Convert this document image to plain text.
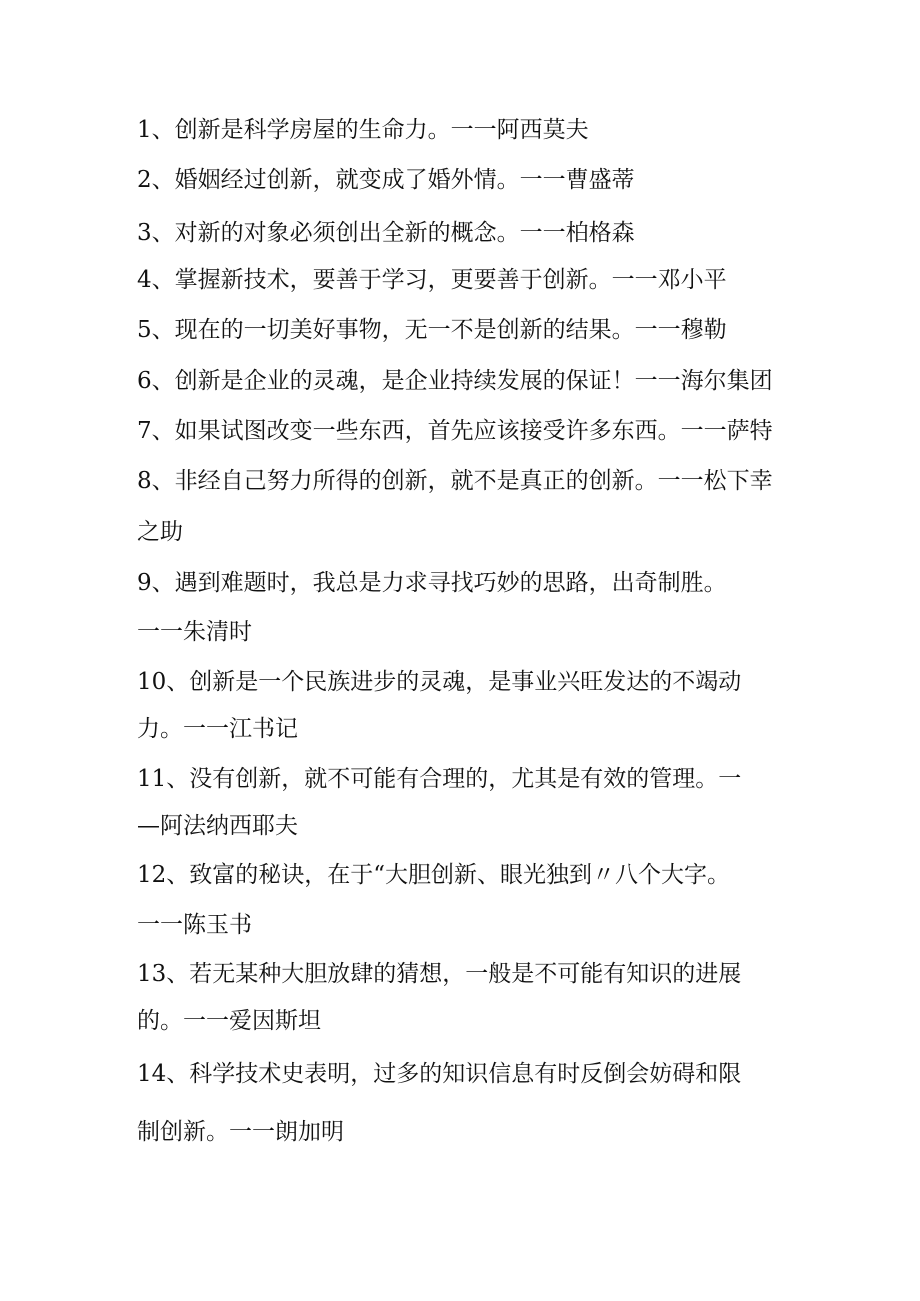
1、创新是科学房屋的生命力。一一阿西莫夫

2、婚姻经过创新，就变成了婚外情。一一曹盛蒂

3、对新的对象必须创出全新的概念。一一柏格森

4、掌握新技术，要善于学习，更要善于创新。一一邓小平

5、现在的一切美好事物，无一不是创新的结果。一一穆勒

6、创新是企业的灵魂，是企业持续发展的保证！一一海尔集团

7、如果试图改变一些东西，首先应该接受许多东西。一一萨特

8、非经自己努力所得的创新，就不是真正的创新。一一松下幸

之助

9、遇到难题时，我总是力求寻找巧妙的思路，出奇制胜。

一一朱清时

10、创新是一个民族进步的灵魂，是事业兴旺发达的不竭动

力。一一江书记

11、没有创新，就不可能有合理的，尤其是有效的管理。一

—阿法纳西耶夫

12、致富的秘诀，在于“大胆创新、眼光独到〃八个大字。

一一陈玉书

13、若无某种大胆放肆的猜想，一般是不可能有知识的进展

的。一一爱因斯坦

14、科学技术史表明，过多的知识信息有时反倒会妨碍和限

制创新。一一朗加明
